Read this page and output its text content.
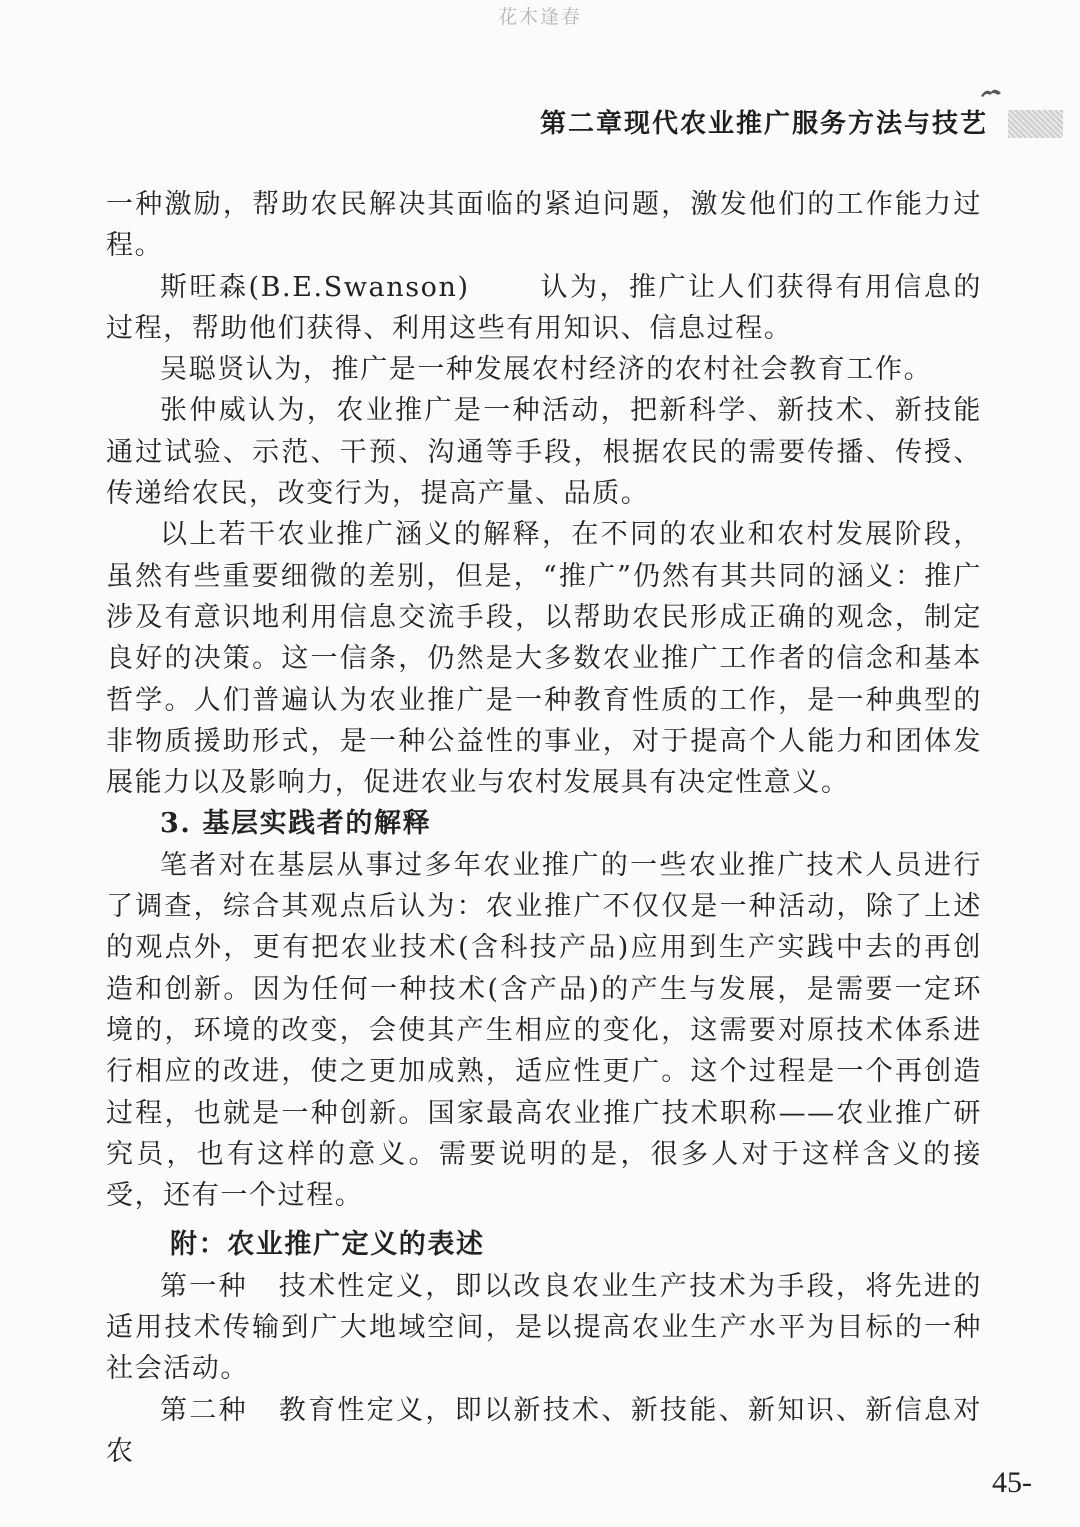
花木逢春
第二章现代农业推广服务方法与技艺

一种激励，帮助农民解决其面临的紧迫问题，激发他们的工作能力过程。

斯旺森(B.E.Swanson)	认为，推广让人们获得有用信息的过程，帮助他们获得、利用这些有用知识、信息过程。

吴聪贤认为，推广是一种发展农村经济的农村社会教育工作。

张仲威认为，农业推广是一种活动，把新科学、新技术、新技能通过试验、示范、干预、沟通等手段，根据农民的需要传播、传授、传递给农民，改变行为，提高产量、品质。

以上若干农业推广涵义的解释，在不同的农业和农村发展阶段，虽然有些重要细微的差别，但是，“推广”仍然有其共同的涵义：推广涉及有意识地利用信息交流手段，以帮助农民形成正确的观念，制定良好的决策。这一信条，仍然是大多数农业推广工作者的信念和基本哲学。人们普遍认为农业推广是一种教育性质的工作，是一种典型的非物质援助形式，是一种公益性的事业，对于提高个人能力和团体发展能力以及影响力，促进农业与农村发展具有决定性意义。

3. 基层实践者的解释

笔者对在基层从事过多年农业推广的一些农业推广技术人员进行了调查，综合其观点后认为：农业推广不仅仅是一种活动，除了上述的观点外，更有把农业技术(含科技产品)应用到生产实践中去的再创造和创新。因为任何一种技术(含产品)的产生与发展，是需要一定环境的，环境的改变，会使其产生相应的变化，这需要对原技术体系进行相应的改进，使之更加成熟，适应性更广。这个过程是一个再创造过程，也就是一种创新。国家最高农业推广技术职称——农业推广研究员，也有这样的意义。需要说明的是，很多人对于这样含义的接受，还有一个过程。

附：农业推广定义的表述

第一种 技术性定义，即以改良农业生产技术为手段，将先进的适用技术传输到广大地域空间，是以提高农业生产水平为目标的一种社会活动。

第二种 教育性定义，即以新技术、新技能、新知识、新信息对农

45-
